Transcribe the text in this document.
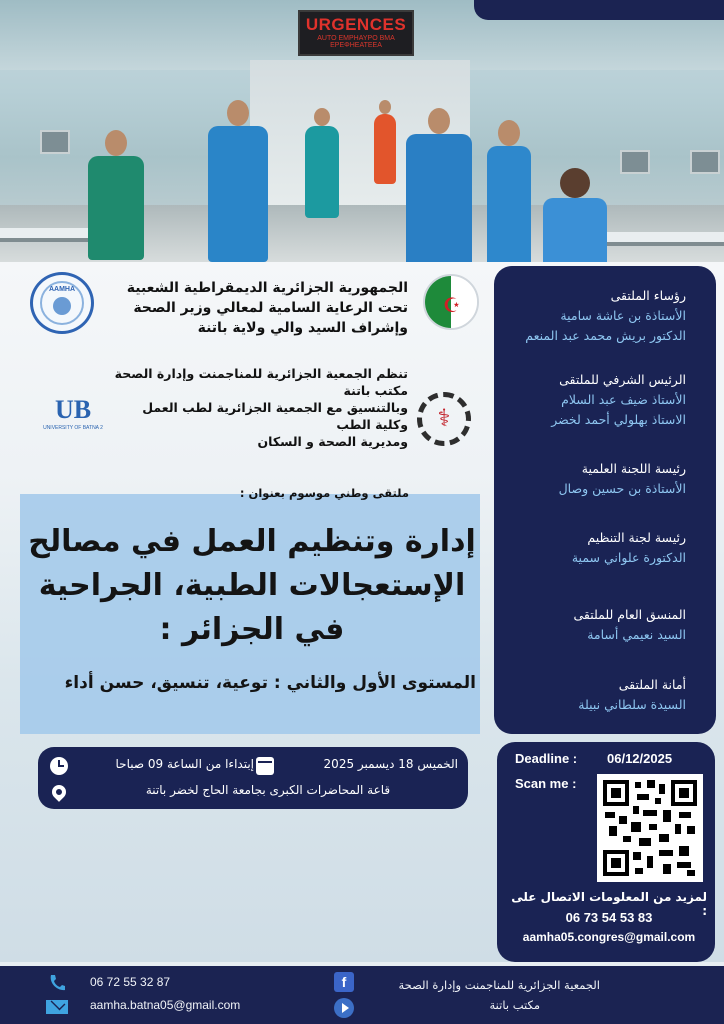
URGENCES
AUTO ΕΜΡΗΑΥΡΟ ΒΜΑ ΕΡΕΦΗΕΑΤΕΕΑ
AAMHA
☪
UB
UNIVERSITY OF BATNA 2	⚕
الجمهورية الجزائرية الديمقراطية الشعبية
تحت الرعاية السامية لمعالي وزير الصحة
وإشراف السيد والي ولاية باتنة
تنظم الجمعية الجزائرية للمناجمنت وإدارة الصحة
مكتب باتنة
وبالتنسيق مع الجمعية الجزائرية لطب العمل
وكلية الطب
ومديرية الصحة و السكان
ملتقى وطني موسوم بعنوان :
إدارة وتنظيم العمل في مصالح
الإستعجالات الطبية، الجراحية
في الجزائر :
المستوى الأول والثاني : توعية، تنسيق، حسن أداء
إبتداءا من الساعة 09 صباحا	الخميس 18 ديسمبر 2025
قاعة المحاضرات الكبرى بجامعة الحاج لخضر باتنة
رؤساء الملتقى
الأستاذة بن عاشة سامية
الدكتور بريش محمد عبد المنعم
الرئيس الشرفي للملتقى
الأستاذ ضيف عبد السلام
الاستاذ بهلولي أحمد لخضر
رئيسة اللجنة العلمية
الأستاذة بن حسين وصال
رئيسة لجنة التنظيم
الدكتورة علواني سمية
المنسق العام للملتقى
السيد نعيمي أسامة
أمانة الملتقى
السيدة سلطاني نبيلة
Deadline : 06/12/2025
Scan me :
لمزيد من المعلومات الاتصال على :
06 73 54 53 83
aamha05.congres@gmail.com
06 72 55 32 87
aamha.batna05@gmail.com
f	الجمعية الجزائرية للمناجمنت وإدارة الصحة
مكتب باتنة
